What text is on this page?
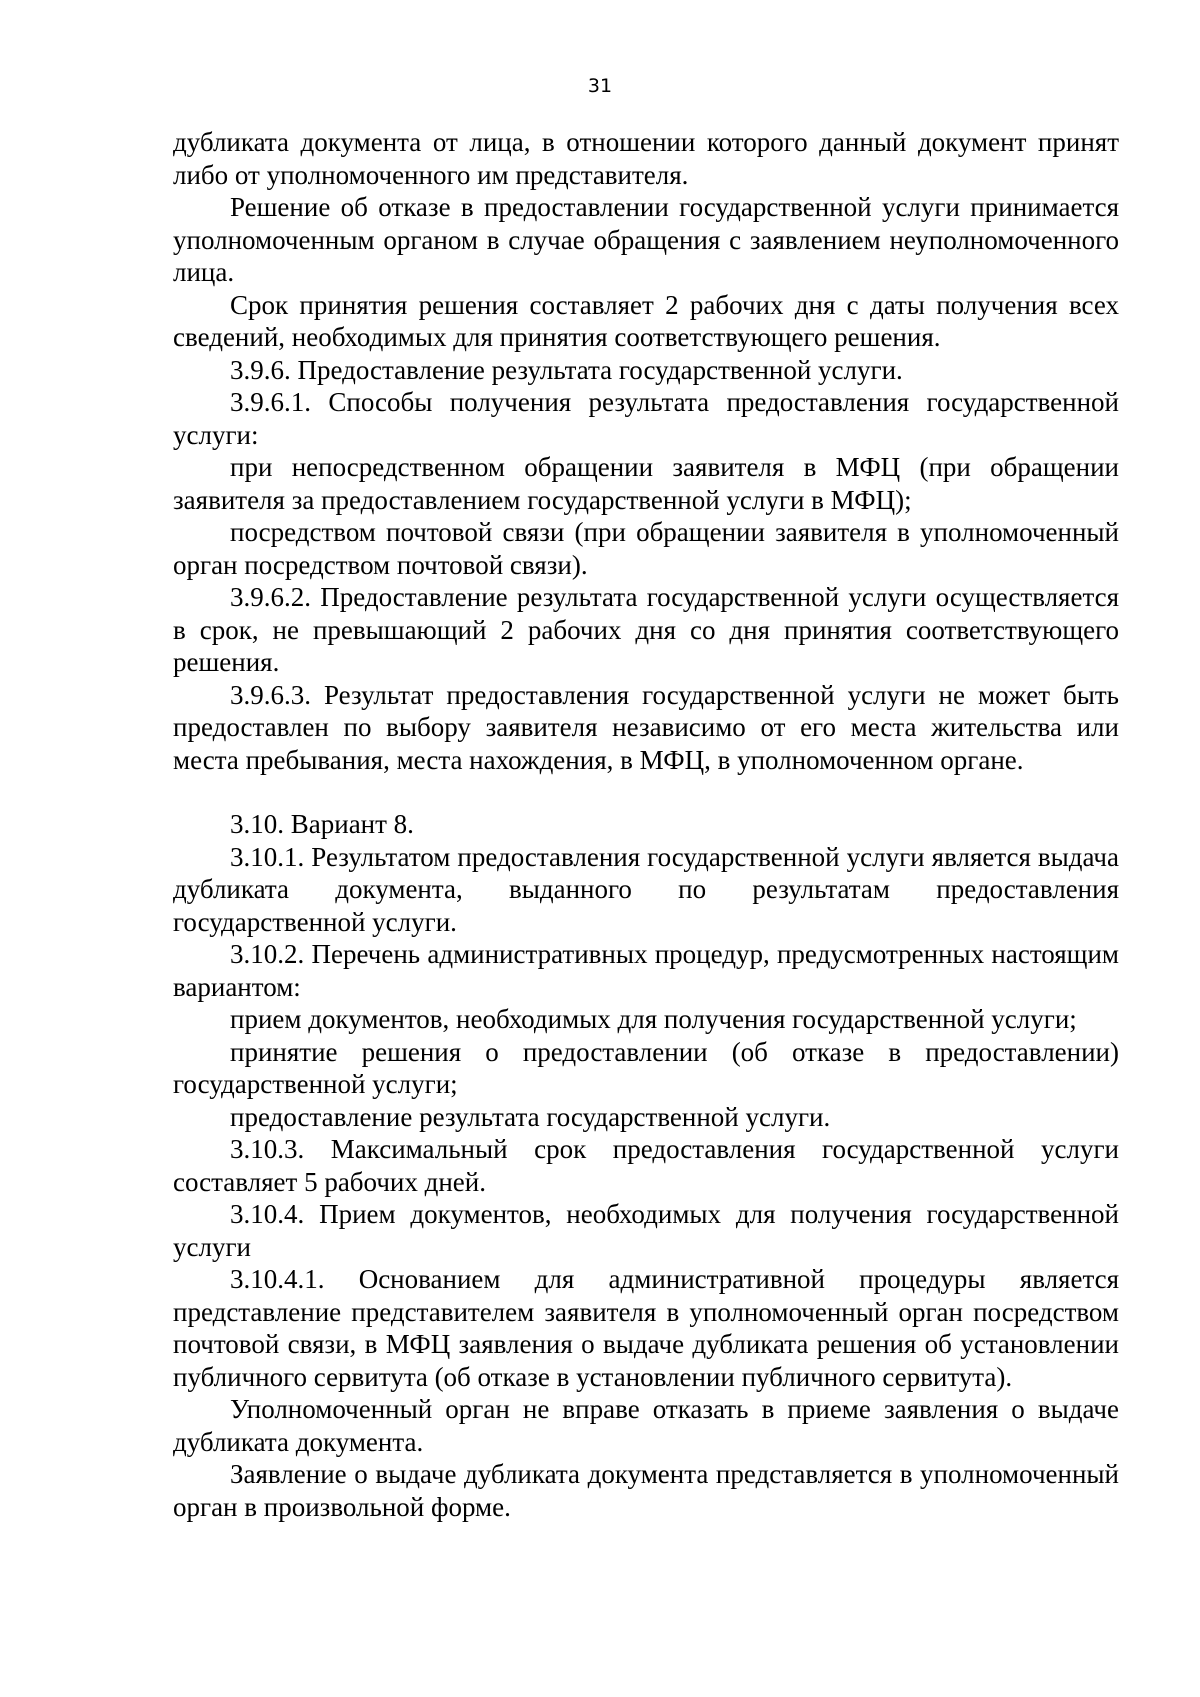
31

дубликата документа от лица, в отношении которого данный документ принят либо от уполномоченного им представителя.

Решение об отказе в предоставлении государственной услуги принимается уполномоченным органом в случае обращения с заявлением неуполномоченного лица.

Срок принятия решения составляет 2 рабочих дня с даты получения всех сведений, необходимых для принятия соответствующего решения.

3.9.6. Предоставление результата государственной услуги.

3.9.6.1. Способы получения результата предоставления государственной услуги:

при непосредственном обращении заявителя в МФЦ (при обращении заявителя за предоставлением государственной услуги в МФЦ);

посредством почтовой связи (при обращении заявителя в уполномоченный орган посредством почтовой связи).

3.9.6.2. Предоставление результата государственной услуги осуществляется в срок, не превышающий 2 рабочих дня со дня принятия соответствующего решения.

3.9.6.3. Результат предоставления государственной услуги не может быть предоставлен по выбору заявителя независимо от его места жительства или места пребывания, места нахождения, в МФЦ, в уполномоченном органе.

3.10. Вариант 8.

3.10.1. Результатом предоставления государственной услуги является выдача дубликата документа, выданного по результатам предоставления государственной услуги.

3.10.2. Перечень административных процедур, предусмотренных настоящим вариантом:

прием документов, необходимых для получения государственной услуги;

принятие решения о предоставлении (об отказе в предоставлении) государственной услуги;

предоставление результата государственной услуги.

3.10.3. Максимальный срок предоставления государственной услуги составляет 5 рабочих дней.

3.10.4. Прием документов, необходимых для получения государственной услуги

3.10.4.1. Основанием для административной процедуры является представление представителем заявителя в уполномоченный орган посредством почтовой связи, в МФЦ заявления о выдаче дубликата решения об установлении публичного сервитута (об отказе в установлении публичного сервитута).

Уполномоченный орган не вправе отказать в приеме заявления о выдаче дубликата документа.

Заявление о выдаче дубликата документа представляется в уполномоченный орган в произвольной форме.
